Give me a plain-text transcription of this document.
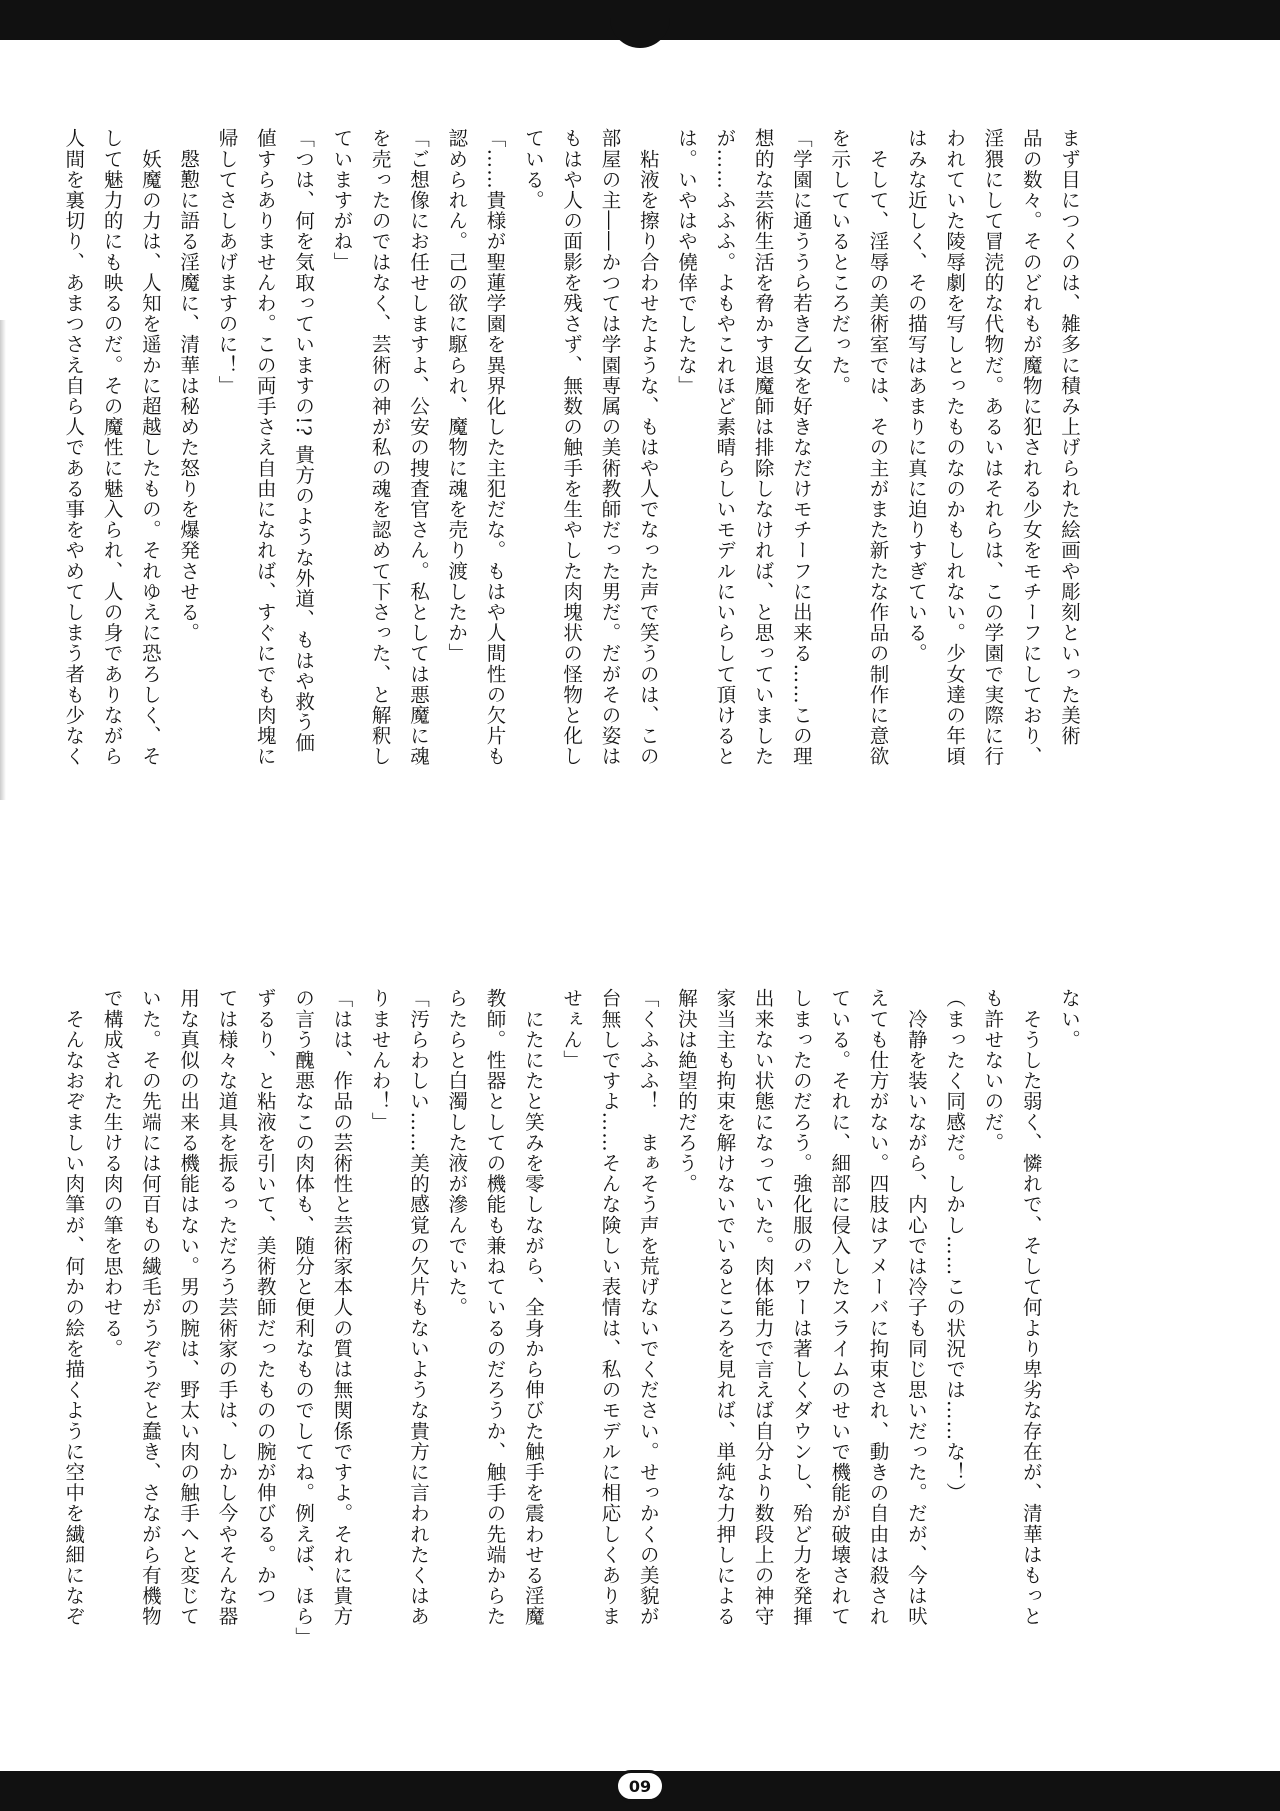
まず目につくのは、雑多に積み上げられた絵画や彫刻といった美術
品の数々。そのどれもが魔物に犯される少女をモチーフにしており、
淫猥にして冒涜的な代物だ。あるいはそれらは、この学園で実際に行
われていた陵辱劇を写しとったものなのかもしれない。少女達の年頃
はみな近しく、その描写はあまりに真に迫りすぎている。
　そして、淫辱の美術室では、その主がまた新たな作品の制作に意欲
を示しているところだった。
「学園に通ううら若き乙女を好きなだけモチーフに出来る……この理
想的な芸術生活を脅かす退魔師は排除しなければ、と思っていました
が……ふふふ。よもやこれほど素晴らしいモデルにいらして頂けると
は。いやはや僥倖でしたな」
　粘液を擦り合わせたような、もはや人でなった声で笑うのは、この
部屋の主――かつては学園専属の美術教師だった男だ。だがその姿は
もはや人の面影を残さず、無数の触手を生やした肉塊状の怪物と化し
ている。
「……貴様が聖蓮学園を異界化した主犯だな。もはや人間性の欠片も
認められん。己の欲に駆られ、魔物に魂を売り渡したか」
「ご想像にお任せしますよ、公安の捜査官さん。私としては悪魔に魂
を売ったのではなく、芸術の神が私の魂を認めて下さった、と解釈し
ていますがね」
「つは、何を気取っていますの!? 貴方のような外道、もはや救う価
値すらありませんわ。この両手さえ自由になれば、すぐにでも肉塊に
帰してさしあげますのに！」
　慇懃に語る淫魔に、清華は秘めた怒りを爆発させる。
　妖魔の力は、人知を遥かに超越したもの。それゆえに恐ろしく、そ
して魅力的にも映るのだ。その魔性に魅入られ、人の身でありながら
人間を裏切り、あまつさえ自ら人である事をやめてしまう者も少なく
ない。
　そうした弱く、憐れで、そして何より卑劣な存在が、清華はもっと
も許せないのだ。
（まったく同感だ。しかし……この状況では……な！）
　冷静を装いながら、内心では冷子も同じ思いだった。だが、今は吠
えても仕方がない。四肢はアメーバに拘束され、動きの自由は殺され
ている。それに、細部に侵入したスライムのせいで機能が破壊されて
しまったのだろう。強化服のパワーは著しくダウンし、殆ど力を発揮
出来ない状態になっていた。肉体能力で言えば自分より数段上の神守
家当主も拘束を解けないでいるところを見れば、単純な力押しによる
解決は絶望的だろう。
「くふふふ！　まぁそう声を荒げないでください。せっかくの美貌が
台無しですよ……そんな険しい表情は、私のモデルに相応しくありま
せぇん」
　にたにたと笑みを零しながら、全身から伸びた触手を震わせる淫魔
教師。性器としての機能も兼ねているのだろうか、触手の先端からた
らたらと白濁した液が滲んでいた。
「汚らわしい……美的感覚の欠片もないような貴方に言われたくはあ
りませんわ！」
「はは、作品の芸術性と芸術家本人の質は無関係ですよ。それに貴方
の言う醜悪なこの肉体も、随分と便利なものでしてね。例えば、ほら」
ずるり、と粘液を引いて、美術教師だったものの腕が伸びる。かつ
ては様々な道具を振るっただろう芸術家の手は、しかし今やそんな器
用な真似の出来る機能はない。男の腕は、野太い肉の触手へと変じて
いた。その先端には何百もの繊毛がうぞうぞと蠢き、さながら有機物
で構成された生ける肉の筆を思わせる。
　そんなおぞましい肉筆が、何かの絵を描くように空中を繊細になぞ
09
